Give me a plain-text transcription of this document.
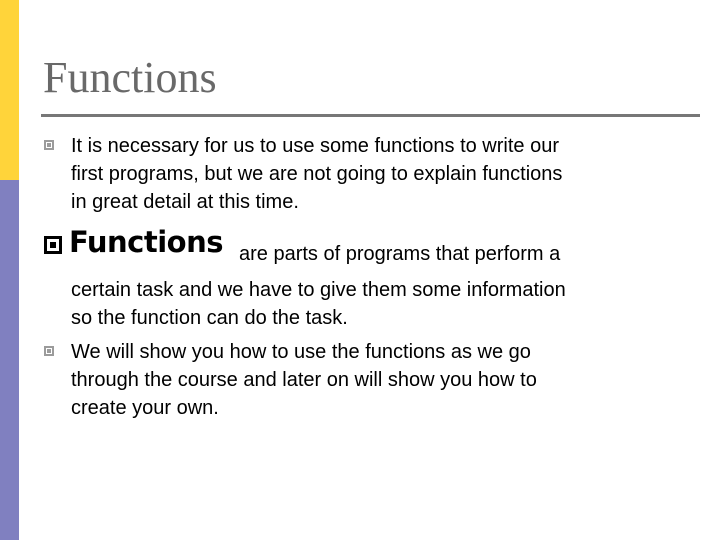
Functions
It is necessary for us to use some functions to write our
first programs, but we are not going to explain functions
in great detail at this time.
Functions are parts of programs that perform a
certain task and we have to give them some information
so the function can do the task.
We will show you how to use the functions as we go
through the course and later on will show you how to
create your own.
